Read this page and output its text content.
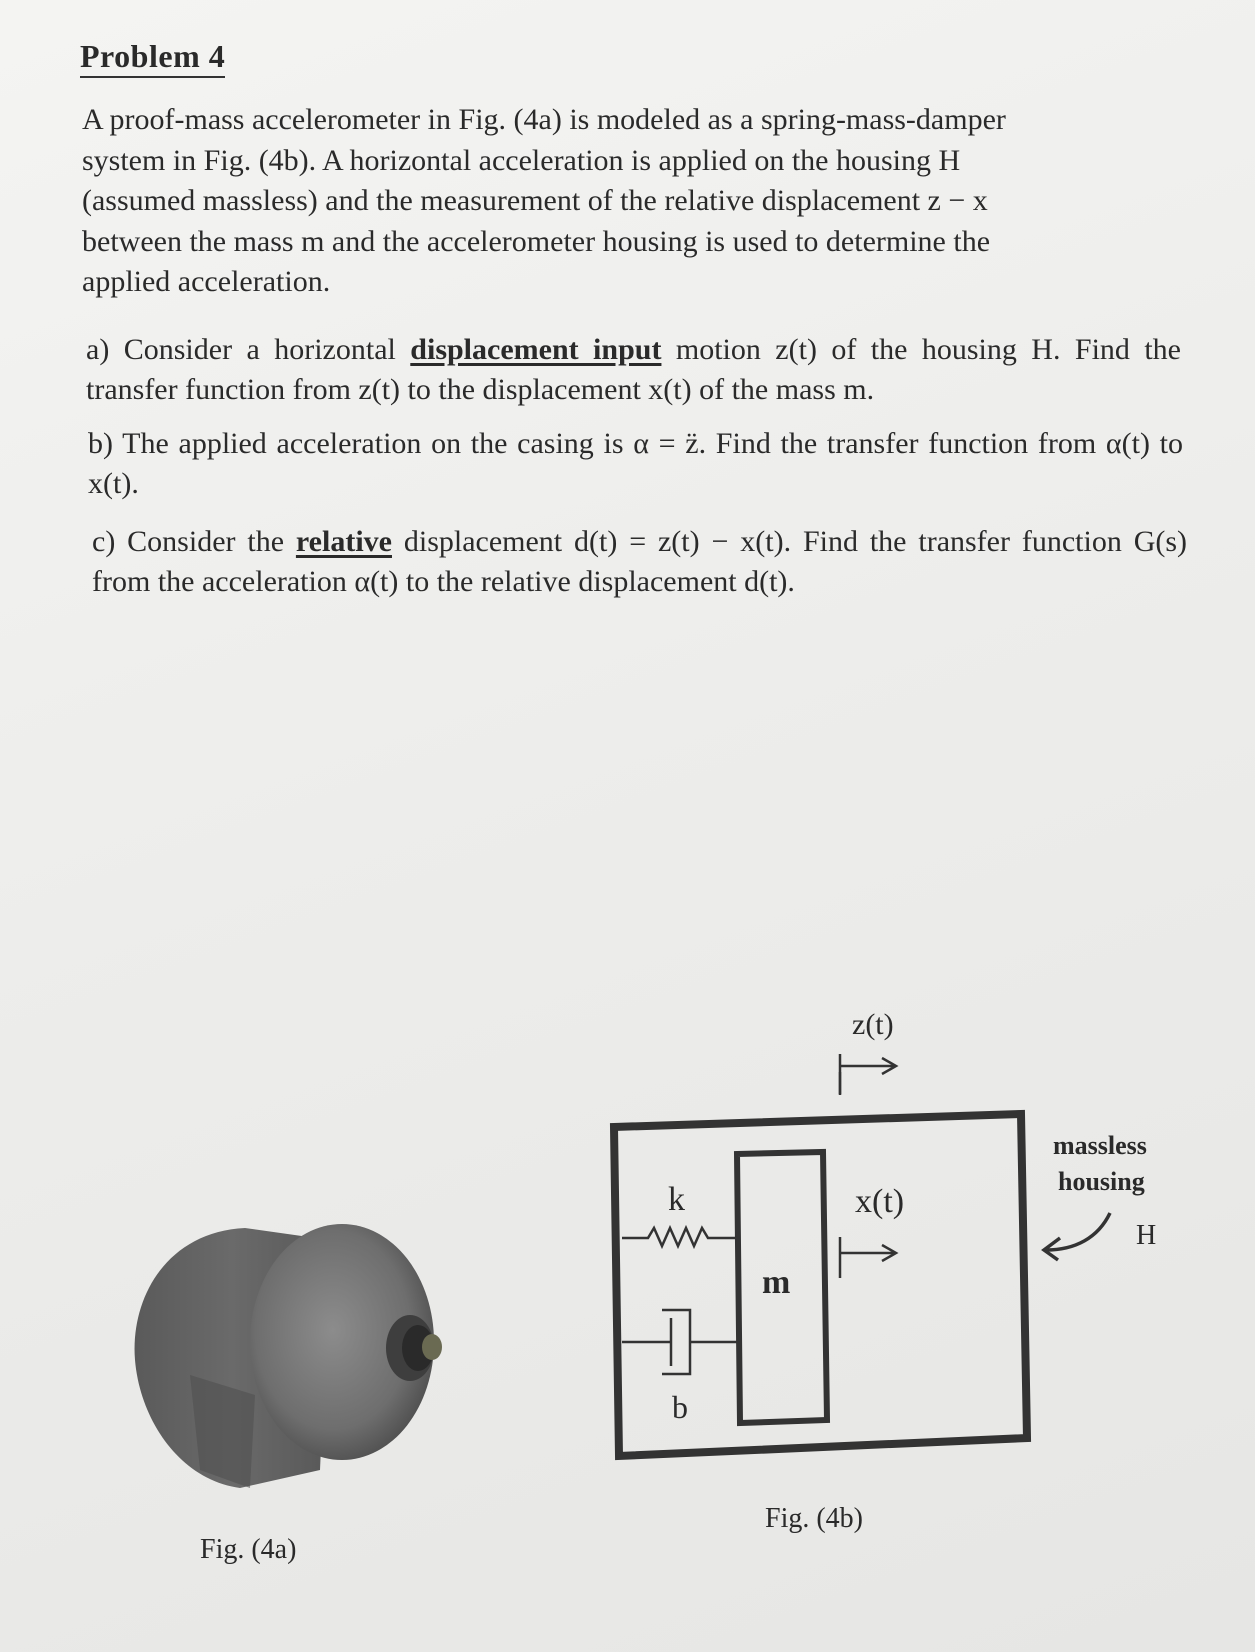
Problem 4
A proof-mass accelerometer in Fig. (4a) is modeled as a spring-mass-damper
system in Fig. (4b). A horizontal acceleration is applied on the housing H
(assumed massless) and the measurement of the relative displacement z − x
between the mass m and the accelerometer housing is used to determine the
applied acceleration.
a) Consider a horizontal displacement input motion z(t) of the housing H. Find the transfer function from z(t) to the displacement x(t) of the mass m.
b) The applied acceleration on the casing is α = z̈. Find the transfer function from α(t) to x(t).
c) Consider the relative displacement d(t) = z(t) − x(t). Find the transfer function G(s) from the acceleration α(t) to the relative displacement d(t).
z(t)
x(t)
k
b
m
massless
housing
H
Fig. (4a)
Fig. (4b)
